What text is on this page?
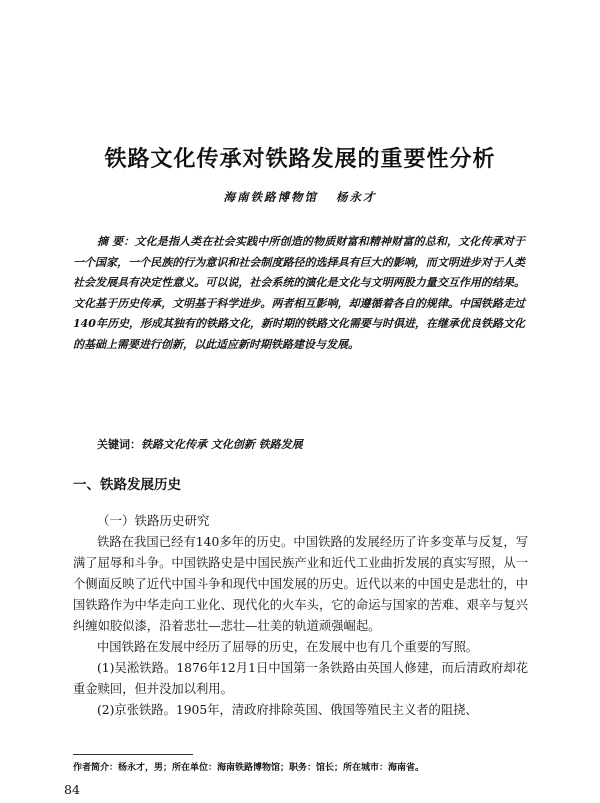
铁路文化传承对铁路发展的重要性分析
海南铁路博物馆 杨永才

摘 要：文化是指人类在社会实践中所创造的物质财富和精神财富的总和，文化传承对于一个国家，一个民族的行为意识和社会制度路径的选择具有巨大的影响，而文明进步对于人类社会发展具有决定性意义。可以说，社会系统的演化是文化与文明两股力量交互作用的结果。文化基于历史传承，文明基于科学进步。两者相互影响，却遵循着各自的规律。中国铁路走过140年历史，形成其独有的铁路文化，新时期的铁路文化需要与时俱进，在继承优良铁路文化的基础上需要进行创新，以此适应新时期铁路建设与发展。

关键词：铁路文化传承 文化创新 铁路发展

一、铁路发展历史
（一）铁路历史研究

铁路在我国已经有140多年的历史。中国铁路的发展经历了许多变革与反复，写满了屈辱和斗争。中国铁路史是中国民族产业和近代工业曲折发展的真实写照，从一个侧面反映了近代中国斗争和现代中国发展的历史。近代以来的中国史是悲壮的，中国铁路作为中华走向工业化、现代化的火车头，它的命运与国家的苦难、艰辛与复兴纠缠如胶似漆，沿着悲壮—悲壮—壮美的轨道顽强崛起。

中国铁路在发展中经历了屈辱的历史，在发展中也有几个重要的写照。

(1)吴淞铁路。1876年12月1日中国第一条铁路由英国人修建，而后清政府却花重金赎回，但并没加以利用。

(2)京张铁路。1905年，清政府排除英国、俄国等殖民主义者的阻挠、

作者简介：杨永才，男；所在单位：海南铁路博物馆；职务：馆长；所在城市：海南省。
84
